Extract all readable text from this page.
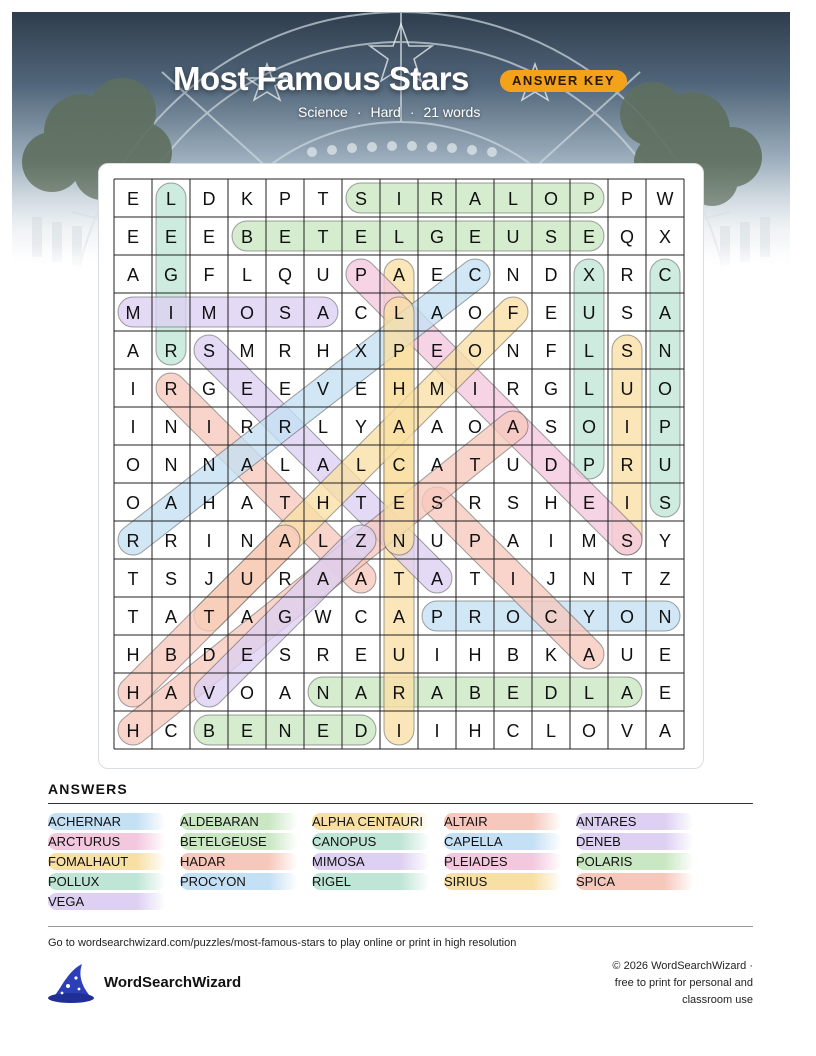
Most Famous Stars	ANSWER KEY
Science · Hard · 21 words
E L D K P T S I R A L O P P W
E E E B E T E L G E U S E Q X
A G F L Q U P A E C N D X R C
M I M O S A C L A O F E U S A
A R S M R H X P E O N F L S N
I R G E E V E H M I R G L U O
I N I R R L Y A A O A S O I P
O N N A L A L C A T U D P R U
O A H A T H T E S R S H E I S
R R I N A L Z N U P A I M S Y
T S J U R A A T A T I J N T Z
T A T A G W C A P R O C Y O N
H B D E S R E U I H B K A U E
H A V O A N A R A B E D L A E
H C B E N E D I I H C L O V A
ANSWERS
ACHERNAR	ALDEBARAN	ALPHA CENTAURI	ALTAIR	ANTARES
ARCTURUS	BETELGEUSE	CANOPUS	CAPELLA	DENEB
FOMALHAUT	HADAR	MIMOSA	PLEIADES	POLARIS
POLLUX	PROCYON	RIGEL	SIRIUS	SPICA
VEGA
Go to wordsearchwizard.com/puzzles/most-famous-stars to play online or print in high resolution
WordSearchWizard
© 2026 WordSearchWizard ·
free to print for personal and
classroom use
